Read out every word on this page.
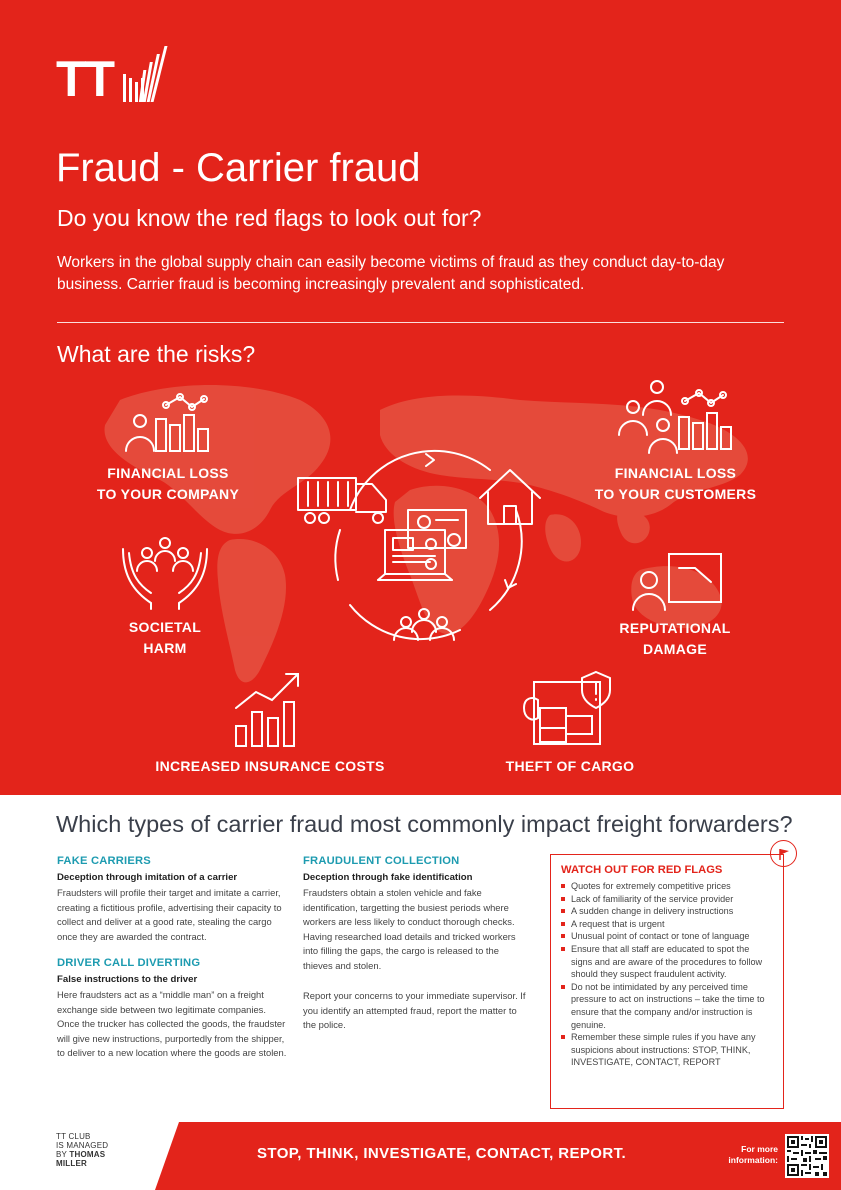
TT
Fraud - Carrier fraud
Do you know the red flags to look out for?
Workers in the global supply chain can easily become victims of fraud as they conduct day-to-day business. Carrier fraud is becoming increasingly prevalent and sophisticated.
What are the risks?
FINANCIAL LOSS
TO YOUR COMPANY
FINANCIAL LOSS
TO YOUR CUSTOMERS
SOCIETAL
HARM
REPUTATIONAL
DAMAGE
INCREASED INSURANCE COSTS	THEFT OF CARGO
Which types of carrier fraud most commonly impact freight forwarders?
FAKE CARRIERS
Deception through imitation of a carrier

Fraudsters will profile their target and imitate a carrier, creating a fictitious profile, advertising their capacity to collect and deliver at a good rate, stealing the cargo once they are awarded the contract.

DRIVER CALL DIVERTING
False instructions to the driver

Here fraudsters act as a “middle man” on a freight exchange side between two legitimate companies. Once the trucker has collected the goods, the fraudster will give new instructions, purportedly from the shipper, to deliver to a new location where the goods are stolen.

FRAUDULENT COLLECTION
Deception through fake identification

Fraudsters obtain a stolen vehicle and fake identification, targetting the busiest periods where workers are less likely to conduct thorough checks. Having researched load details and tricked workers into filling the gaps, the cargo is released to the thieves and stolen.

Report your concerns to your immediate supervisor. If you identify an attempted fraud, report the matter to the police.

WATCH OUT FOR RED FLAGS
Quotes for extremely competitive prices
Lack of familiarity of the service provider
A sudden change in delivery instructions
A request that is urgent
Unusual point of contact or tone of language
Ensure that all staff are educated to spot the signs and are aware of the procedures to follow should they suspect fraudulent activity.
Do not be intimidated by any perceived time pressure to act on instructions – take the time to ensure that the company and/or instruction is genuine.
Remember these simple rules if you have any suspicions about instructions: STOP, THINK, INVESTIGATE, CONTACT, REPORT
TT CLUB
IS MANAGED
BY THOMAS
MILLER
STOP, THINK, INVESTIGATE, CONTACT, REPORT.	For more
information:
